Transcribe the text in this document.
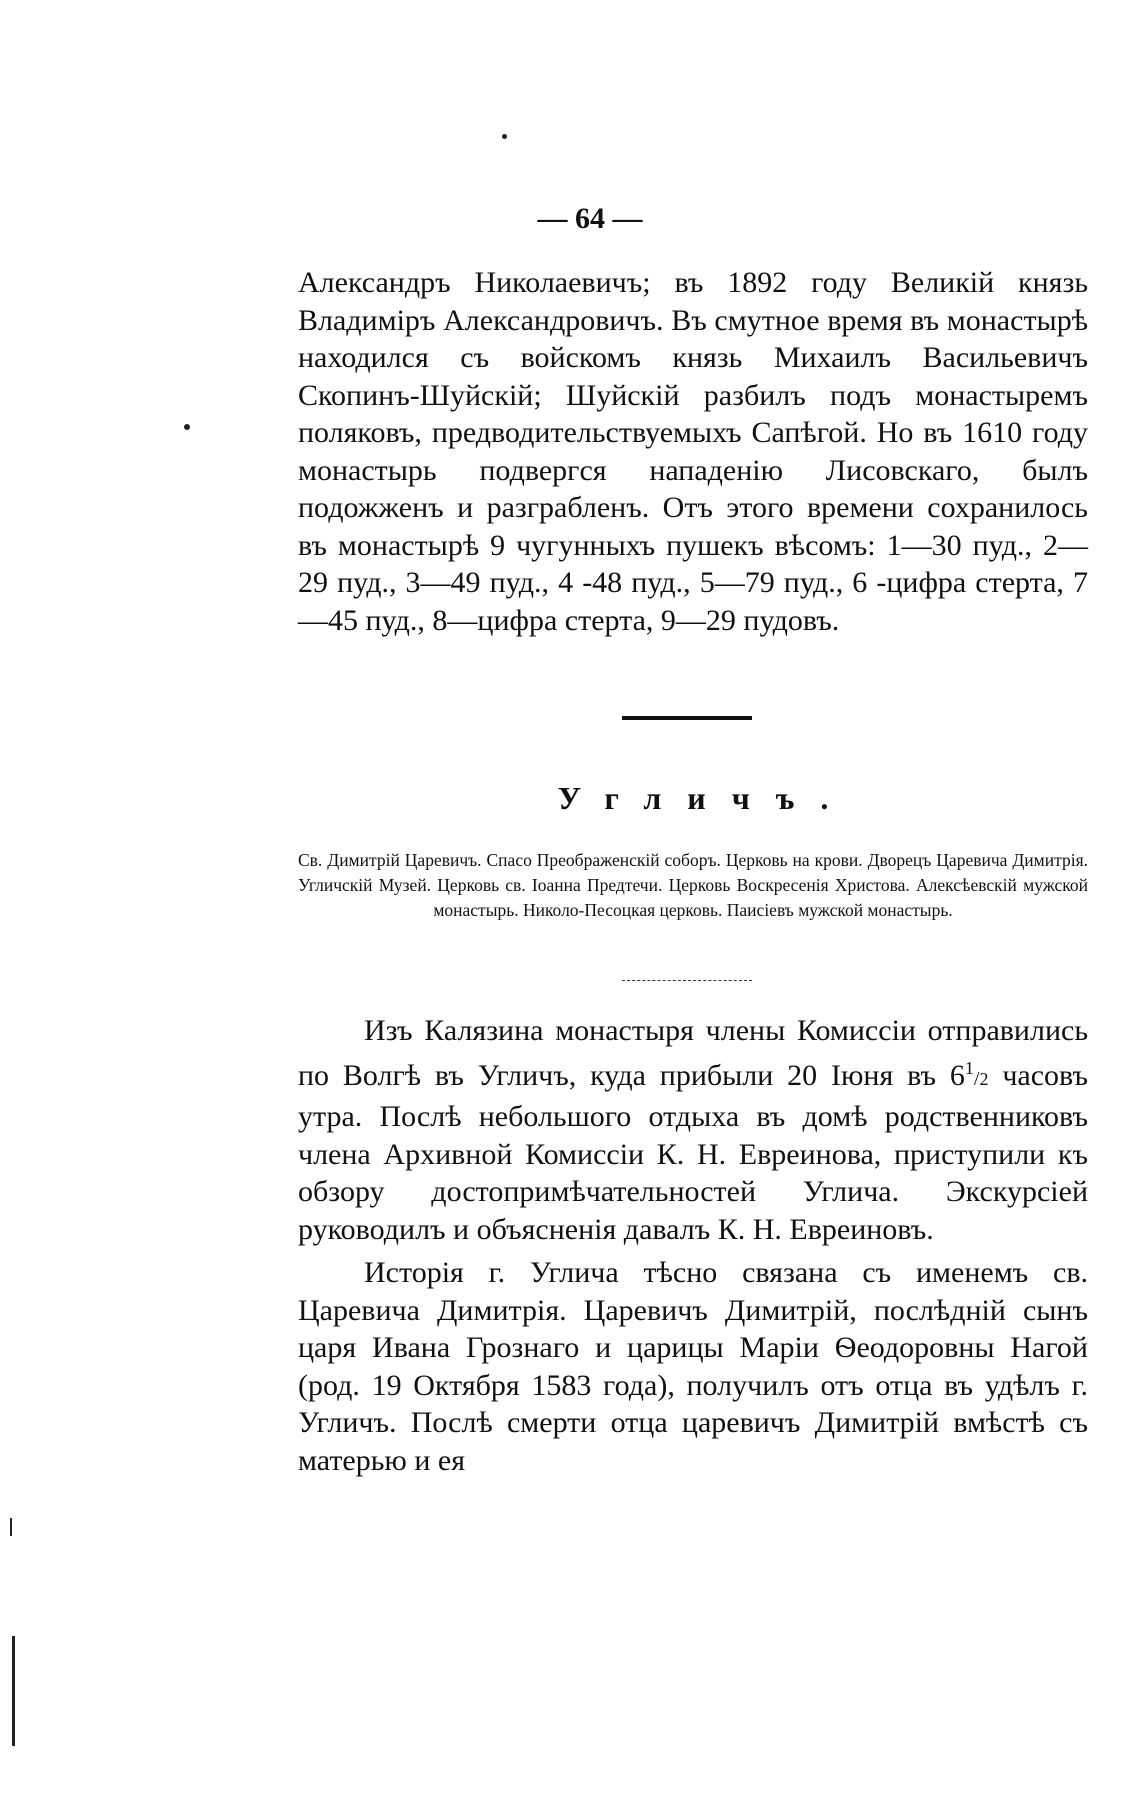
— 64 —

Александръ Николаевичъ; въ 1892 году Великій князь Владиміръ Александровичъ. Въ смутное время въ монастырѣ находился съ войскомъ князь Михаилъ Васильевичъ Скопинъ-Шуйскій; Шуйскій разбилъ подъ монастыремъ поляковъ, предводительствуемыхъ Сапѣгой. Но въ 1610 году монастырь подвергся нападенію Лисовскаго, былъ подожженъ и разграбленъ. Отъ этого времени сохранилось въ монастырѣ 9 чугунныхъ пушекъ вѣсомъ: 1—30 пуд., 2—29 пуд., 3—49 пуд., 4 -48 пуд., 5—79 пуд., 6 -цифра стерта, 7—45 пуд., 8—цифра стерта, 9—29 пудовъ.

Угличъ.

Св. Димитрій Царевичъ. Спасо Преображенскій соборъ. Церковь на крови. Дворецъ Царевича Димитрія. Угличскій Музей. Церковь св. Іоанна Предтечи. Церковь Воскресенія Христова. Алексѣевскій мужской монастырь. Николо-Песоцкая церковь. Паисіевъ мужской монастырь.

Изъ Калязина монастыря члены Комиссіи отправились по Волгѣ въ Угличъ, куда прибыли 20 Іюня въ $6^1/2$ часовъ утра. Послѣ небольшого отдыха въ домѣ родственниковъ члена Архивной Комиссіи К. Н. Евреинова, приступили къ обзору достопримѣчательностей Углича. Экскурсіей руководилъ и объясненія давалъ К. Н. Евреиновъ.

Исторія г. Углича тѣсно связана съ именемъ св. Царевича Димитрія. Царевичъ Димитрій, послѣдній сынъ царя Ивана Грознаго и царицы Маріи Ѳеодоровны Нагой (род. 19 Октября 1583 года), получилъ отъ отца въ удѣлъ г. Угличъ. Послѣ смерти отца царевичъ Димитрій вмѣстѣ съ матерью и ея
